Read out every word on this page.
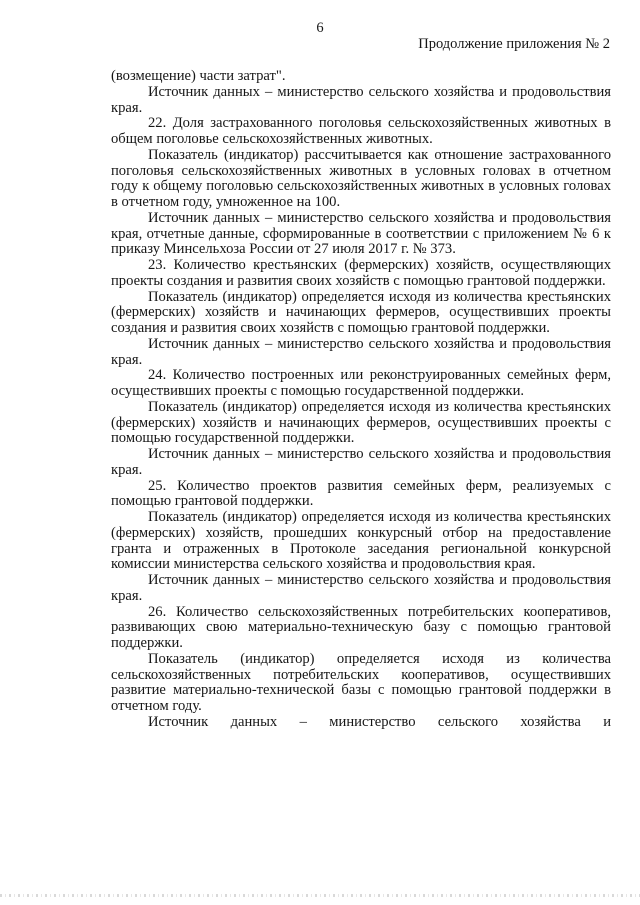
6
Продолжение приложения № 2

(возмещение) части затрат".

Источник данных – министерство сельского хозяйства и продовольствия края.

22. Доля застрахованного поголовья сельскохозяйственных животных в общем поголовье сельскохозяйственных животных.

Показатель (индикатор) рассчитывается как отношение застрахованного поголовья сельскохозяйственных животных в условных головах в отчетном году к общему поголовью сельскохозяйственных животных в условных головах в отчетном году, умноженное на 100.

Источник данных – министерство сельского хозяйства и продовольствия края, отчетные данные, сформированные в соответствии с приложением № 6 к приказу Минсельхоза России от 27 июля 2017 г. № 373.

23. Количество крестьянских (фермерских) хозяйств, осуществляющих проекты создания и развития своих хозяйств с помощью грантовой поддержки.

Показатель (индикатор) определяется исходя из количества крестьянских (фермерских) хозяйств и начинающих фермеров, осуществивших проекты создания и развития своих хозяйств с помощью грантовой поддержки.

Источник данных – министерство сельского хозяйства и продовольствия края.

24. Количество построенных или реконструированных семейных ферм, осуществивших проекты с помощью государственной поддержки.

Показатель (индикатор) определяется исходя из количества крестьянских (фермерских) хозяйств и начинающих фермеров, осуществивших проекты с помощью государственной поддержки.

Источник данных – министерство сельского хозяйства и продовольствия края.

25. Количество проектов развития семейных ферм, реализуемых с помощью грантовой поддержки.

Показатель (индикатор) определяется исходя из количества крестьянских (фермерских) хозяйств, прошедших конкурсный отбор на предоставление гранта и отраженных в Протоколе заседания региональной конкурсной комиссии министерства сельского хозяйства и продовольствия края.

Источник данных – министерство сельского хозяйства и продовольствия края.

26. Количество сельскохозяйственных потребительских кооперативов, развивающих свою материально-техническую базу с помощью грантовой поддержки.

Показатель (индикатор) определяется исходя из количества сельскохозяйственных потребительских кооперативов, осуществивших развитие материально-технической базы с помощью грантовой поддержки в отчетном году.

Источник данных – министерство сельского хозяйства и
